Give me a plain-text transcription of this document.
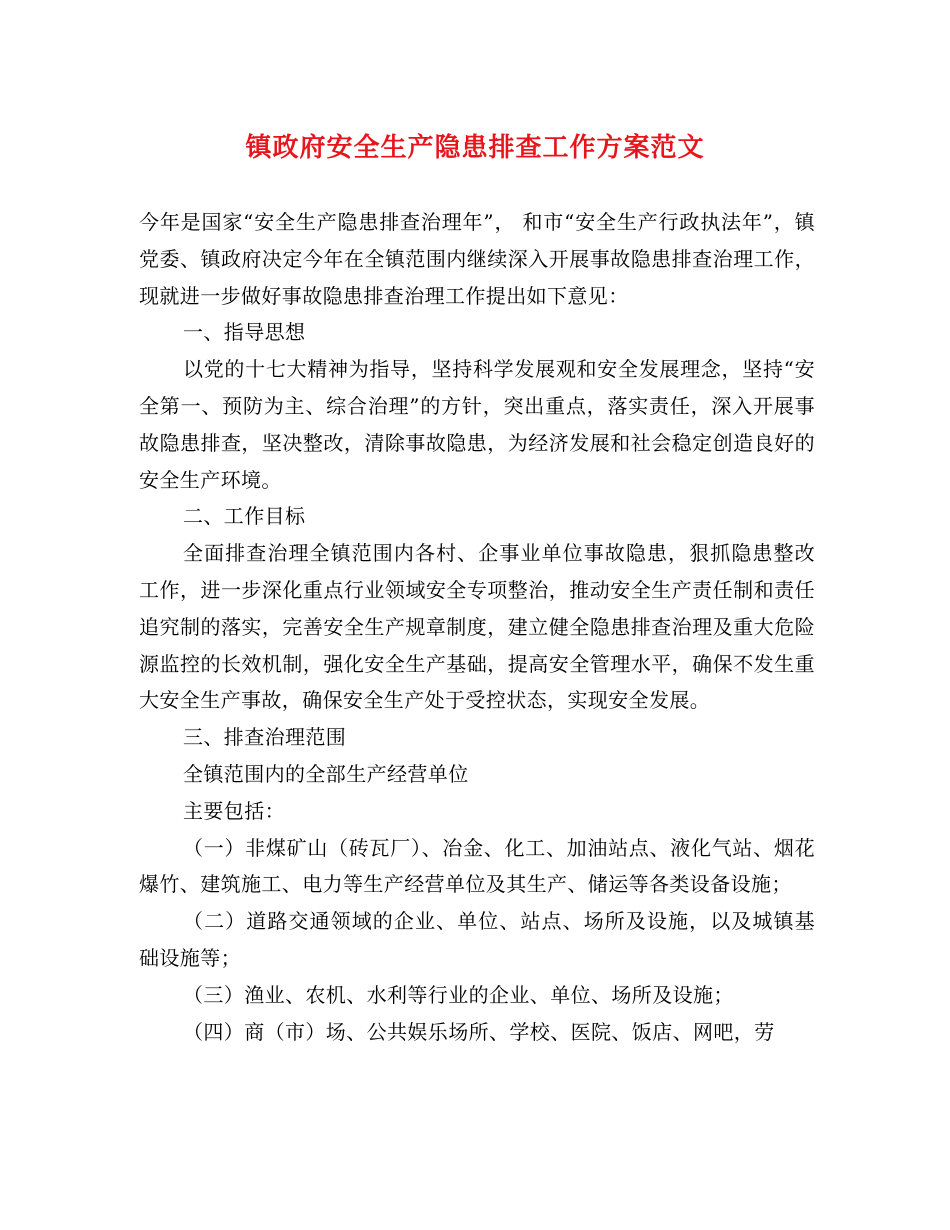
镇政府安全生产隐患排查工作方案范文

今年是国家“安全生产隐患排查治理年”， 和市“安全生产行政执法年”，镇党委、镇政府决定今年在全镇范围内继续深入开展事故隐患排查治理工作，现就进一步做好事故隐患排查治理工作提出如下意见：

一、指导思想

以党的十七大精神为指导，坚持科学发展观和安全发展理念，坚持“安全第一、预防为主、综合治理”的方针，突出重点，落实责任，深入开展事故隐患排查，坚决整改，清除事故隐患，为经济发展和社会稳定创造良好的安全生产环境。

二、工作目标

全面排查治理全镇范围内各村、企事业单位事故隐患，狠抓隐患整改工作，进一步深化重点行业领域安全专项整治，推动安全生产责任制和责任追究制的落实，完善安全生产规章制度，建立健全隐患排查治理及重大危险源监控的长效机制，强化安全生产基础，提高安全管理水平，确保不发生重大安全生产事故，确保安全生产处于受控状态，实现安全发展。

三、排查治理范围

全镇范围内的全部生产经营单位

主要包括：

（一）非煤矿山（砖瓦厂）、冶金、化工、加油站点、液化气站、烟花爆竹、建筑施工、电力等生产经营单位及其生产、储运等各类设备设施；

（二）道路交通领域的企业、单位、站点、场所及设施，以及城镇基础设施等；

（三）渔业、农机、水利等行业的企业、单位、场所及设施；

（四）商（市）场、公共娱乐场所、学校、医院、饭店、网吧，劳
